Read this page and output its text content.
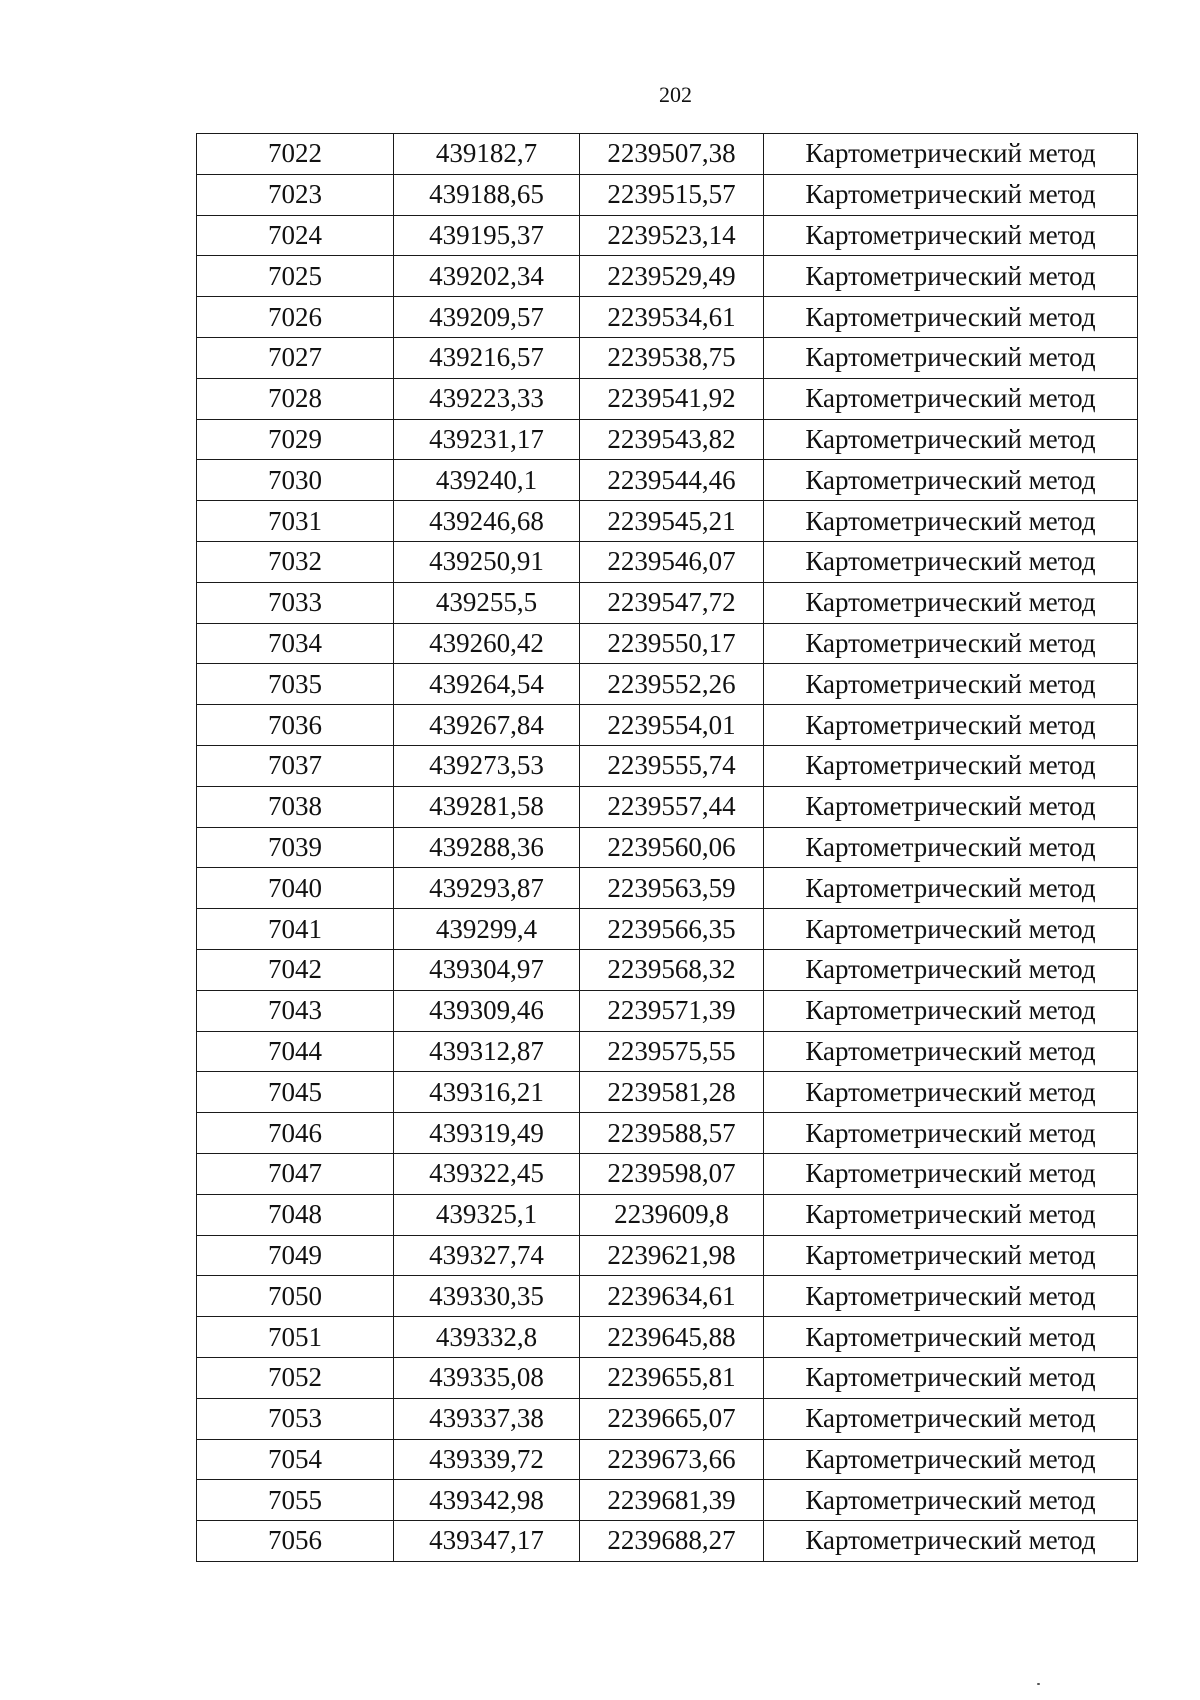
202
7022	439182,7	2239507,38	Картометрический метод
7023	439188,65	2239515,57	Картометрический метод
7024	439195,37	2239523,14	Картометрический метод
7025	439202,34	2239529,49	Картометрический метод
7026	439209,57	2239534,61	Картометрический метод
7027	439216,57	2239538,75	Картометрический метод
7028	439223,33	2239541,92	Картометрический метод
7029	439231,17	2239543,82	Картометрический метод
7030	439240,1	2239544,46	Картометрический метод
7031	439246,68	2239545,21	Картометрический метод
7032	439250,91	2239546,07	Картометрический метод
7033	439255,5	2239547,72	Картометрический метод
7034	439260,42	2239550,17	Картометрический метод
7035	439264,54	2239552,26	Картометрический метод
7036	439267,84	2239554,01	Картометрический метод
7037	439273,53	2239555,74	Картометрический метод
7038	439281,58	2239557,44	Картометрический метод
7039	439288,36	2239560,06	Картометрический метод
7040	439293,87	2239563,59	Картометрический метод
7041	439299,4	2239566,35	Картометрический метод
7042	439304,97	2239568,32	Картометрический метод
7043	439309,46	2239571,39	Картометрический метод
7044	439312,87	2239575,55	Картометрический метод
7045	439316,21	2239581,28	Картометрический метод
7046	439319,49	2239588,57	Картометрический метод
7047	439322,45	2239598,07	Картометрический метод
7048	439325,1	2239609,8	Картометрический метод
7049	439327,74	2239621,98	Картометрический метод
7050	439330,35	2239634,61	Картометрический метод
7051	439332,8	2239645,88	Картометрический метод
7052	439335,08	2239655,81	Картометрический метод
7053	439337,38	2239665,07	Картометрический метод
7054	439339,72	2239673,66	Картометрический метод
7055	439342,98	2239681,39	Картометрический метод
7056	439347,17	2239688,27	Картометрический метод
